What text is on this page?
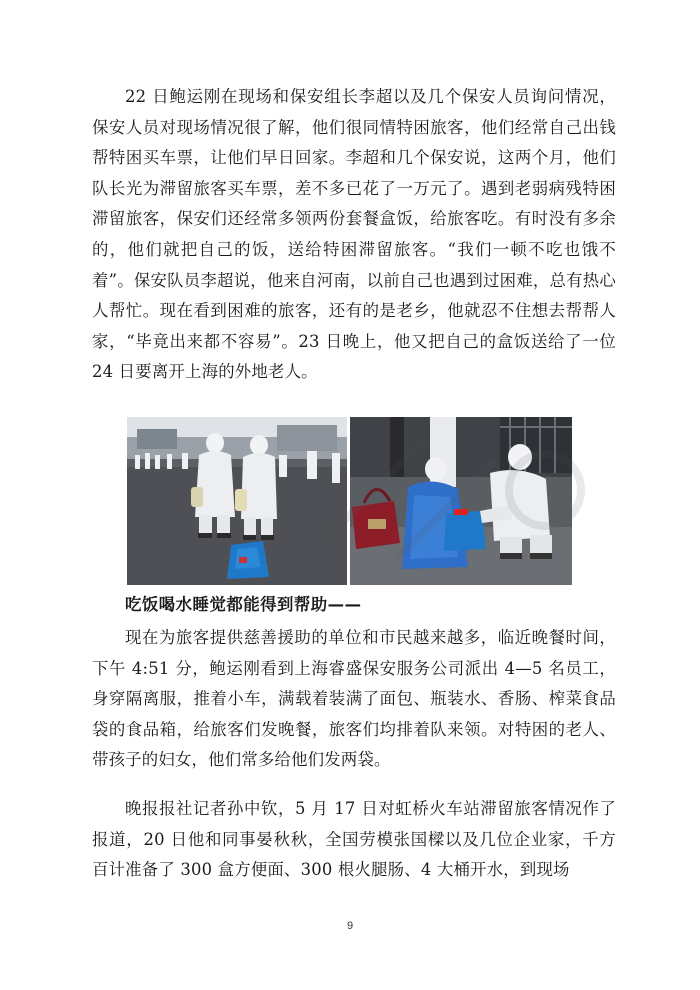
22 日鲍运刚在现场和保安组长李超以及几个保安人员询问情况，保安人员对现场情况很了解，他们很同情特困旅客，他们经常自己出钱帮特困买车票，让他们早日回家。李超和几个保安说，这两个月，他们队长光为滞留旅客买车票，差不多已花了一万元了。遇到老弱病残特困滞留旅客，保安们还经常多领两份套餐盒饭，给旅客吃。有时没有多余的，他们就把自己的饭，送给特困滞留旅客。“我们一顿不吃也饿不着”。保安队员李超说，他来自河南，以前自己也遇到过困难，总有热心人帮忙。现在看到困难的旅客，还有的是老乡，他就忍不住想去帮帮人家，“毕竟出来都不容易”。23 日晚上，他又把自己的盒饭送给了一位 24 日要离开上海的外地老人。

吃饭喝水睡觉都能得到帮助——

现在为旅客提供慈善援助的单位和市民越来越多，临近晚餐时间，下午 4:51 分，鲍运刚看到上海睿盛保安服务公司派出 4—5 名员工，身穿隔离服，推着小车，满载着装满了面包、瓶装水、香肠、榨菜食品袋的食品箱，给旅客们发晚餐，旅客们均排着队来领。对特困的老人、带孩子的妇女，他们常多给他们发两袋。

晚报报社记者孙中钦，5 月 17 日对虹桥火车站滞留旅客情况作了报道，20 日他和同事晏秋秋，全国劳模张国樑以及几位企业家，千方百计准备了 300 盒方便面、300 根火腿肠、4 大桶开水，到现场

9
